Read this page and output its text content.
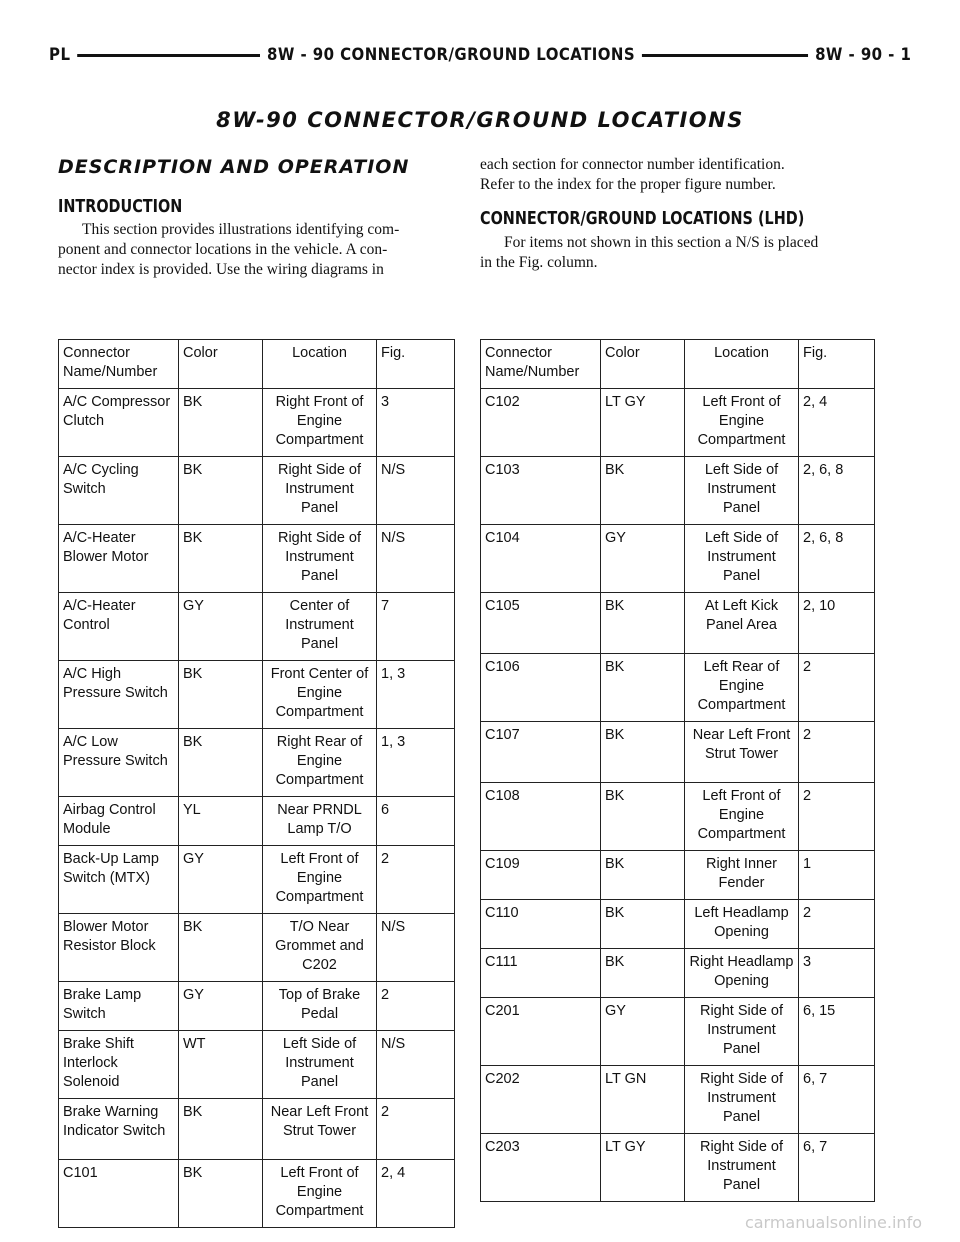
PL	8W - 90 CONNECTOR/GROUND LOCATIONS	8W - 90 - 1
8W-90 CONNECTOR/GROUND LOCATIONS
DESCRIPTION AND OPERATION
INTRODUCTION

This section provides illustrations identifying com-

ponent and connector locations in the vehicle. A con-
nector index is provided. Use the wiring diagrams in
each section for connector number identification.
Refer to the index for the proper figure number.
CONNECTOR/GROUND LOCATIONS (LHD)

For items not shown in this section a N/S is placed

in the Fig. column.
Connector Name/Number	Color	Location	Fig.
A/C Compressor Clutch	BK	Right Front of Engine Compartment	3
A/C Cycling Switch	BK	Right Side of Instrument Panel	N/S
A/C-Heater Blower Motor	BK	Right Side of Instrument Panel	N/S
A/C-Heater Control	GY	Center of Instrument Panel	7
A/C High Pressure Switch	BK	Front Center of Engine Compartment	1, 3
A/C Low Pressure Switch	BK	Right Rear of Engine Compartment	1, 3
Airbag Control Module	YL	Near PRNDL Lamp T/O	6
Back-Up Lamp Switch (MTX)	GY	Left Front of Engine Compartment	2
Blower Motor Resistor Block	BK	T/O Near Grommet and C202	N/S
Brake Lamp Switch	GY	Top of Brake Pedal	2
Brake Shift Interlock Solenoid	WT	Left Side of Instrument Panel	N/S
Brake Warning Indicator Switch	BK	Near Left Front Strut Tower	2
C101	BK	Left Front of Engine Compartment	2, 4
Connector Name/Number	Color	Location	Fig.
C102	LT GY	Left Front of Engine Compartment	2, 4
C103	BK	Left Side of Instrument Panel	2, 6, 8
C104	GY	Left Side of Instrument Panel	2, 6, 8
C105	BK	At Left Kick Panel Area	2, 10
C106	BK	Left Rear of Engine Compartment	2
C107	BK	Near Left Front Strut Tower	2
C108	BK	Left Front of Engine Compartment	2
C109	BK	Right Inner Fender	1
C110	BK	Left Headlamp Opening	2
C111	BK	Right Headlamp Opening	3
C201	GY	Right Side of Instrument Panel	6, 15
C202	LT GN	Right Side of Instrument Panel	6, 7
C203	LT GY	Right Side of Instrument Panel	6, 7
carmanualsonline.info
